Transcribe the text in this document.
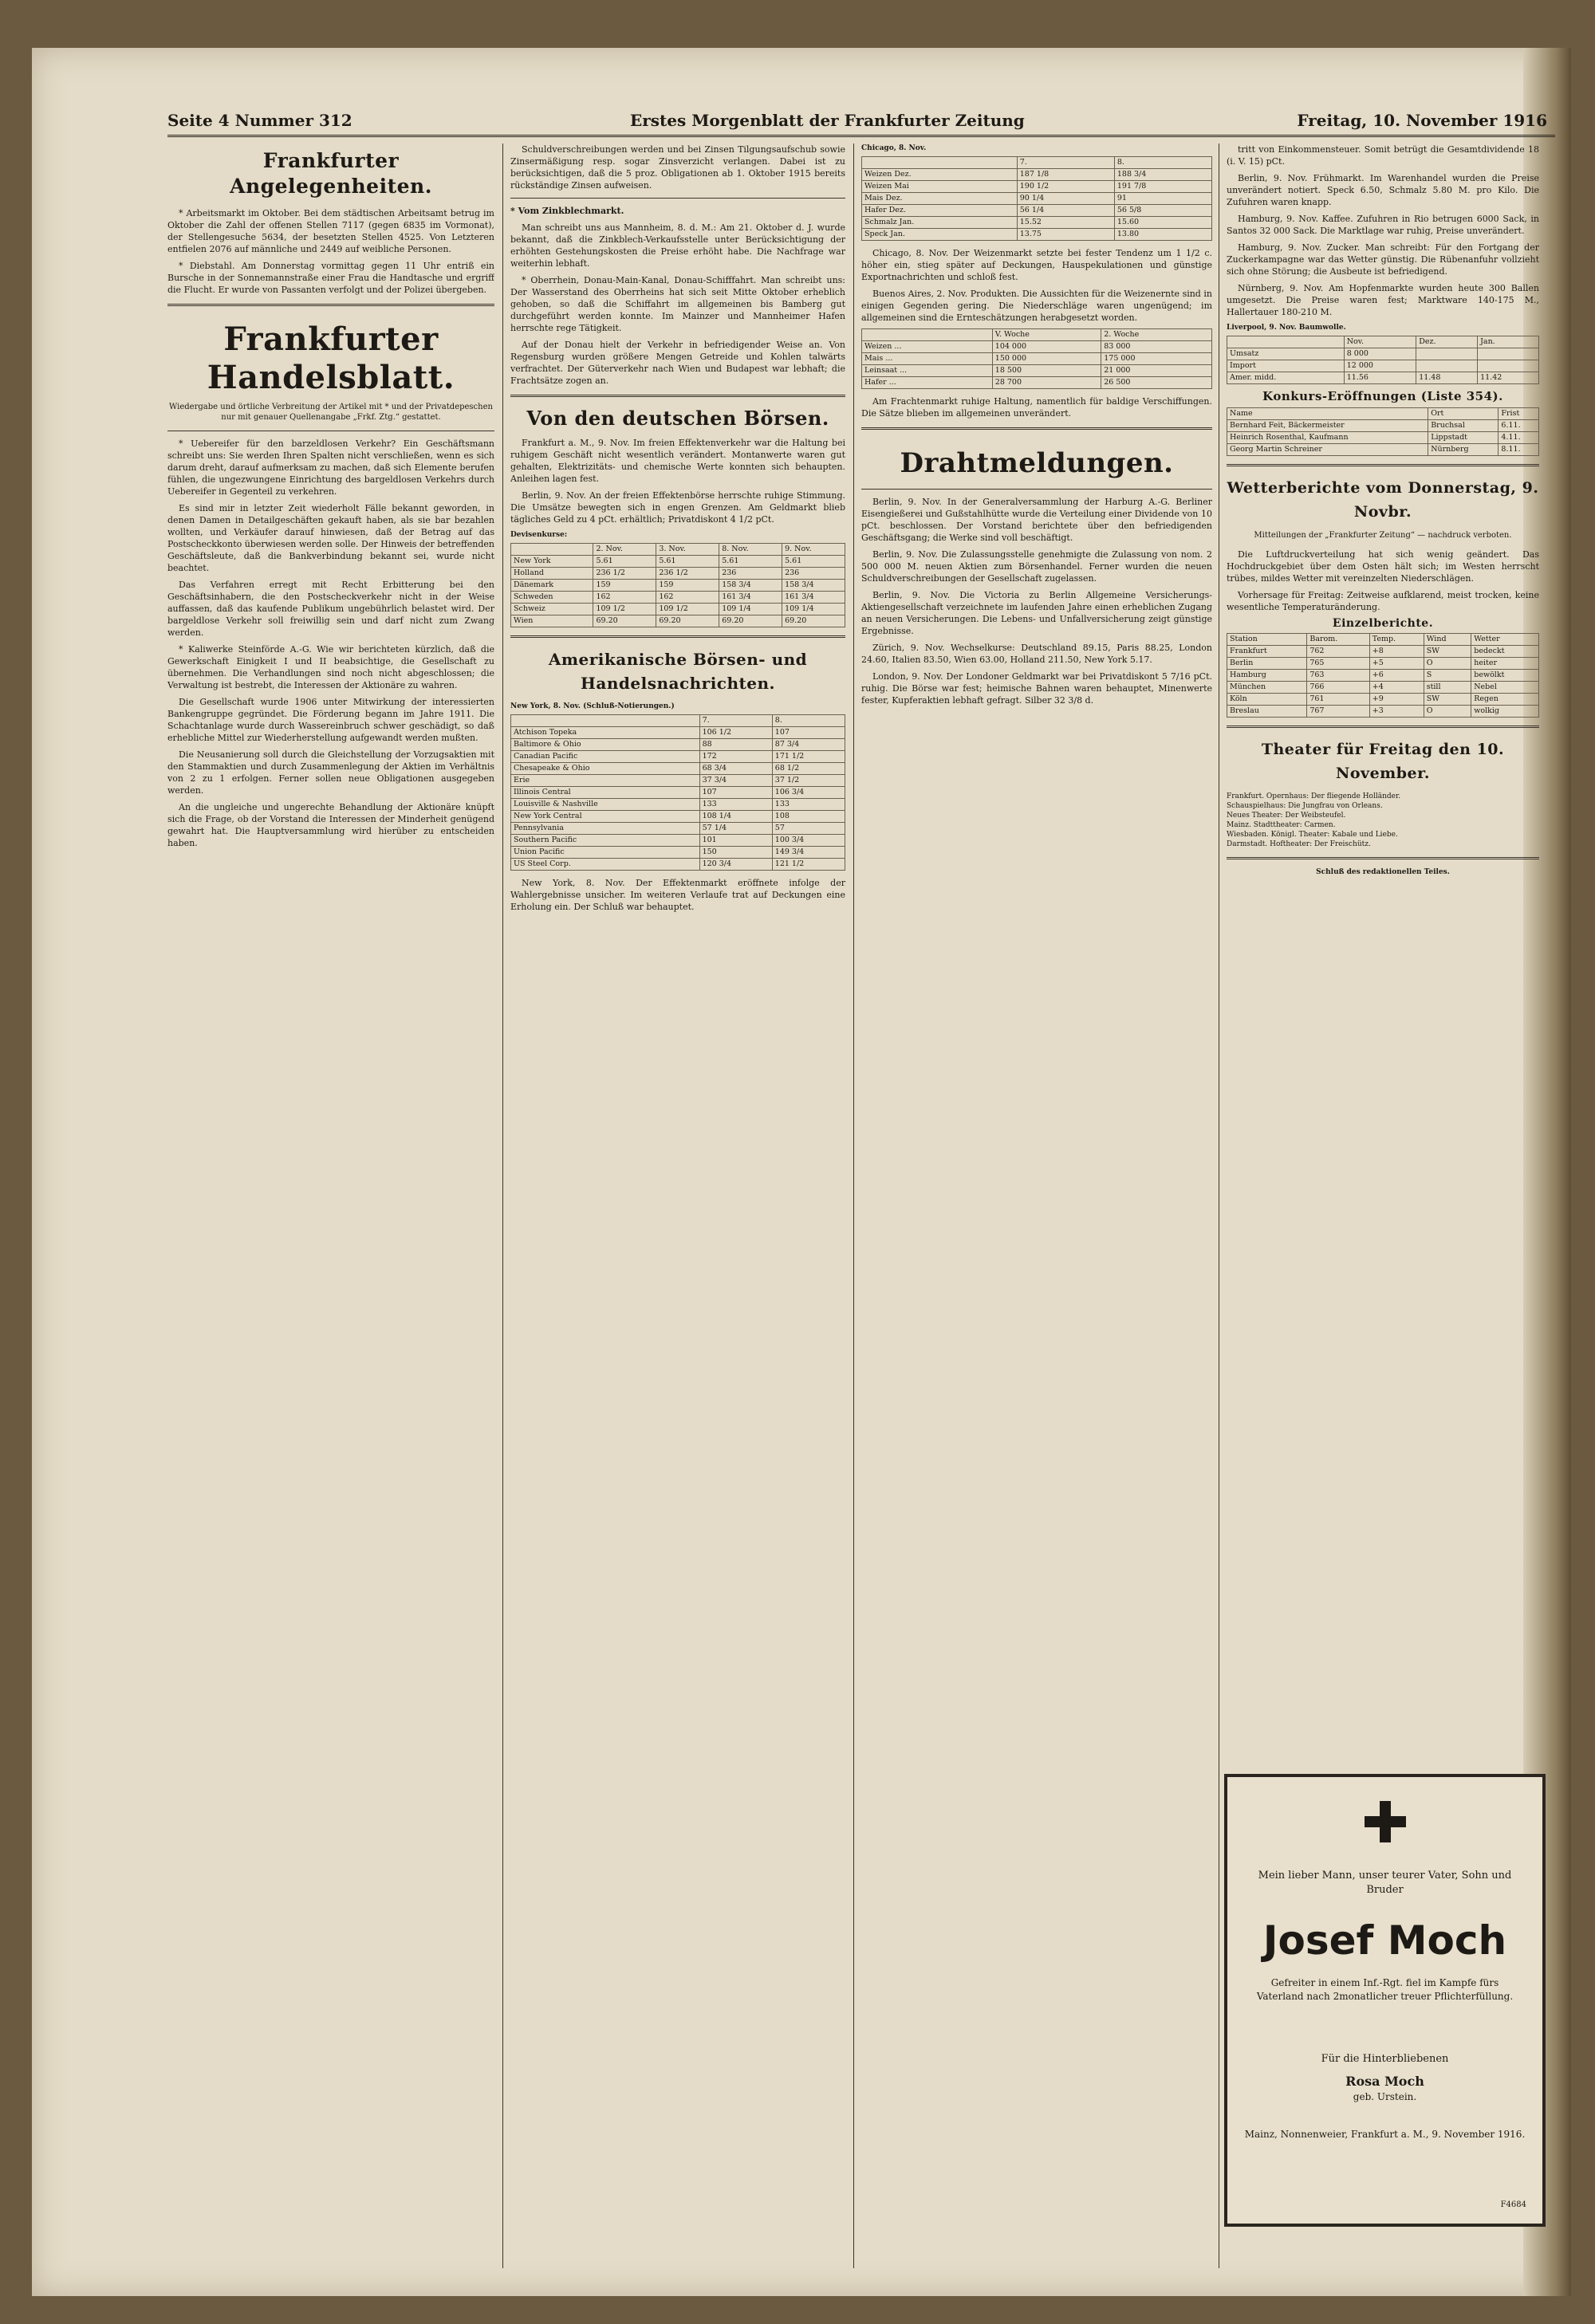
Seite 4 Nummer 312	Erstes Morgenblatt der Frankfurter Zeitung	Freitag, 10. November 1916
Frankfurter Angelegenheiten.

* Arbeitsmarkt im Oktober. Bei dem städtischen Arbeitsamt betrug im Oktober die Zahl der offenen Stellen 7117 (gegen 6835 im Vormonat), der Stellengesuche 5634, der besetzten Stellen 4525. Von Letzteren entfielen 2076 auf männliche und 2449 auf weibliche Personen.

* Diebstahl. Am Donnerstag vormittag gegen 11 Uhr entriß ein Bursche in der Sonnemannstraße einer Frau die Handtasche und ergriff die Flucht. Er wurde von Passanten verfolgt und der Polizei übergeben.

Frankfurter Handelsblatt.
Wiedergabe und örtliche Verbreitung der Artikel mit * und der Privatdepeschen nur mit genauer Quellenangabe „Frkf. Ztg.“ gestattet.

* Uebereifer für den barzeldlosen Verkehr? Ein Geschäftsmann schreibt uns: Sie werden Ihren Spalten nicht verschließen, wenn es sich darum dreht, darauf aufmerksam zu machen, daß sich Elemente berufen fühlen, die ungezwungene Einrichtung des bargeldlosen Verkehrs durch Uebereifer in Gegenteil zu verkehren.

Es sind mir in letzter Zeit wiederholt Fälle bekannt geworden, in denen Damen in Detailgeschäften gekauft haben, als sie bar bezahlen wollten, und Verkäufer darauf hinwiesen, daß der Betrag auf das Postscheckkonto überwiesen werden solle. Der Hinweis der betreffenden Geschäftsleute, daß die Bankverbindung bekannt sei, wurde nicht beachtet.

Das Verfahren erregt mit Recht Erbitterung bei den Geschäftsinhabern, die den Postscheckverkehr nicht in der Weise auffassen, daß das kaufende Publikum ungebührlich belastet wird. Der bargeldlose Verkehr soll freiwillig sein und darf nicht zum Zwang werden.

* Kaliwerke Steinförde A.-G. Wie wir berichteten kürzlich, daß die Gewerkschaft Einigkeit I und II beabsichtige, die Gesellschaft zu übernehmen. Die Verhandlungen sind noch nicht abgeschlossen; die Verwaltung ist bestrebt, die Interessen der Aktionäre zu wahren.

Die Gesellschaft wurde 1906 unter Mitwirkung der interessierten Bankengruppe gegründet. Die Förderung begann im Jahre 1911. Die Schachtanlage wurde durch Wassereinbruch schwer geschädigt, so daß erhebliche Mittel zur Wiederherstellung aufgewandt werden mußten.

Die Neusanierung soll durch die Gleichstellung der Vorzugsaktien mit den Stammaktien und durch Zusammenlegung der Aktien im Verhältnis von 2 zu 1 erfolgen. Ferner sollen neue Obligationen ausgegeben werden.

An die ungleiche und ungerechte Behandlung der Aktionäre knüpft sich die Frage, ob der Vorstand die Interessen der Minderheit genügend gewahrt hat. Die Hauptversammlung wird hierüber zu entscheiden haben.

Schuldverschreibungen werden und bei Zinsen Tilgungsaufschub sowie Zinsermäßigung resp. sogar Zinsverzicht verlangen. Dabei ist zu berücksichtigen, daß die 5 proz. Obligationen ab 1. Oktober 1915 bereits rückständige Zinsen aufweisen.

* Vom Zinkblechmarkt.

Man schreibt uns aus Mannheim, 8. d. M.: Am 21. Oktober d. J. wurde bekannt, daß die Zinkblech-Verkaufsstelle unter Berücksichtigung der erhöhten Gestehungskosten die Preise erhöht habe. Die Nachfrage war weiterhin lebhaft.

* Oberrhein, Donau-Main-Kanal, Donau-Schifffahrt. Man schreibt uns: Der Wasserstand des Oberrheins hat sich seit Mitte Oktober erheblich gehoben, so daß die Schiffahrt im allgemeinen bis Bamberg gut durchgeführt werden konnte. Im Mainzer und Mannheimer Hafen herrschte rege Tätigkeit.

Auf der Donau hielt der Verkehr in befriedigender Weise an. Von Regensburg wurden größere Mengen Getreide und Kohlen talwärts verfrachtet. Der Güterverkehr nach Wien und Budapest war lebhaft; die Frachtsätze zogen an.

Von den deutschen Börsen.

Frankfurt a. M., 9. Nov. Im freien Effektenverkehr war die Haltung bei ruhigem Geschäft nicht wesentlich verändert. Montanwerte waren gut gehalten, Elektrizitäts- und chemische Werte konnten sich behaupten. Anleihen lagen fest.

Berlin, 9. Nov. An der freien Effektenbörse herrschte ruhige Stimmung. Die Umsätze bewegten sich in engen Grenzen. Am Geldmarkt blieb tägliches Geld zu 4 pCt. erhältlich; Privatdiskont 4 1/2 pCt.

Devisenkurse:
	2. Nov.	3. Nov.	8. Nov.	9. Nov.
New York	5.61	5.61	5.61	5.61
Holland	236 1/2	236 1/2	236	236
Dänemark	159	159	158 3/4	158 3/4
Schweden	162	162	161 3/4	161 3/4
Schweiz	109 1/2	109 1/2	109 1/4	109 1/4
Wien	69.20	69.20	69.20	69.20
Amerikanische Börsen- und Handelsnachrichten.
New York, 8. Nov. (Schluß-Notierungen.)
	7.	8.
Atchison Topeka	106 1/2	107
Baltimore & Ohio	88	87 3/4
Canadian Pacific	172	171 1/2
Chesapeake & Ohio	68 3/4	68 1/2
Erie	37 3/4	37 1/2
Illinois Central	107	106 3/4
Louisville & Nashville	133	133
New York Central	108 1/4	108
Pennsylvania	57 1/4	57
Southern Pacific	101	100 3/4
Union Pacific	150	149 3/4
US Steel Corp.	120 3/4	121 1/2

New York, 8. Nov. Der Effektenmarkt eröffnete infolge der Wahlergebnisse unsicher. Im weiteren Verlaufe trat auf Deckungen eine Erholung ein. Der Schluß war behauptet.

Chicago, 8. Nov.
	7.	8.
Weizen Dez.	187 1/8	188 3/4
Weizen Mai	190 1/2	191 7/8
Mais Dez.	90 1/4	91
Hafer Dez.	56 1/4	56 5/8
Schmalz Jan.	15.52	15.60
Speck Jan.	13.75	13.80

Chicago, 8. Nov. Der Weizenmarkt setzte bei fester Tendenz um 1 1/2 c. höher ein, stieg später auf Deckungen, Hauspekulationen und günstige Exportnachrichten und schloß fest.

Buenos Aires, 2. Nov. Produkten. Die Aussichten für die Weizenernte sind in einigen Gegenden gering. Die Niederschläge waren ungenügend; im allgemeinen sind die Ernteschätzungen herabgesetzt worden.

	V. Woche	2. Woche
Weizen ...	104 000	83 000
Mais ...	150 000	175 000
Leinsaat ...	18 500	21 000
Hafer ...	28 700	26 500

Am Frachtenmarkt ruhige Haltung, namentlich für baldige Verschiffungen. Die Sätze blieben im allgemeinen unverändert.

Drahtmeldungen.

Berlin, 9. Nov. In der Generalversammlung der Harburg A.-G. Berliner Eisengießerei und Gußstahlhütte wurde die Verteilung einer Dividende von 10 pCt. beschlossen. Der Vorstand berichtete über den befriedigenden Geschäftsgang; die Werke sind voll beschäftigt.

Berlin, 9. Nov. Die Zulassungsstelle genehmigte die Zulassung von nom. 2 500 000 M. neuen Aktien zum Börsenhandel. Ferner wurden die neuen Schuldverschreibungen der Gesellschaft zugelassen.

Berlin, 9. Nov. Die Victoria zu Berlin Allgemeine Versicherungs-Aktiengesellschaft verzeichnete im laufenden Jahre einen erheblichen Zugang an neuen Versicherungen. Die Lebens- und Unfallversicherung zeigt günstige Ergebnisse.

Zürich, 9. Nov. Wechselkurse: Deutschland 89.15, Paris 88.25, London 24.60, Italien 83.50, Wien 63.00, Holland 211.50, New York 5.17.

London, 9. Nov. Der Londoner Geldmarkt war bei Privatdiskont 5 7/16 pCt. ruhig. Die Börse war fest; heimische Bahnen waren behauptet, Minenwerte fester, Kupferaktien lebhaft gefragt. Silber 32 3/8 d.

tritt von Einkommensteuer. Somit betrügt die Gesamtdividende 18 (i. V. 15) pCt.

Berlin, 9. Nov. Frühmarkt. Im Warenhandel wurden die Preise unverändert notiert. Speck 6.50, Schmalz 5.80 M. pro Kilo. Die Zufuhren waren knapp.

Hamburg, 9. Nov. Kaffee. Zufuhren in Rio betrugen 6000 Sack, in Santos 32 000 Sack. Die Marktlage war ruhig, Preise unverändert.

Hamburg, 9. Nov. Zucker. Man schreibt: Für den Fortgang der Zuckerkampagne war das Wetter günstig. Die Rübenanfuhr vollzieht sich ohne Störung; die Ausbeute ist befriedigend.

Nürnberg, 9. Nov. Am Hopfenmarkte wurden heute 300 Ballen umgesetzt. Die Preise waren fest; Marktware 140-175 M., Hallertauer 180-210 M.

Liverpool, 9. Nov. Baumwolle.
	Nov.	Dez.	Jan.
Umsatz	8 000		
Import	12 000		
Amer. midd.	11.56	11.48	11.42
Konkurs-Eröffnungen (Liste 354).
Name	Ort	Frist
Bernhard Feit, Bäckermeister	Bruchsal	6.11.
Heinrich Rosenthal, Kaufmann	Lippstadt	4.11.
Georg Martin Schreiner	Nürnberg	8.11.
Wetterberichte vom Donnerstag, 9. Novbr.
Mitteilungen der „Frankfurter Zeitung“ — nachdruck verboten.

Die Luftdruckverteilung hat sich wenig geändert. Das Hochdruckgebiet über dem Osten hält sich; im Westen herrscht trübes, mildes Wetter mit vereinzelten Niederschlägen.

Vorhersage für Freitag: Zeitweise aufklarend, meist trocken, keine wesentliche Temperaturänderung.

Einzelberichte.
Station	Barom.	Temp.	Wind	Wetter
Frankfurt	762	+8	SW	bedeckt
Berlin	765	+5	O	heiter
Hamburg	763	+6	S	bewölkt
München	766	+4	still	Nebel
Köln	761	+9	SW	Regen
Breslau	767	+3	O	wolkig
Theater für Freitag den 10. November.
Frankfurt. Opernhaus: Der fliegende Holländer.
Schauspielhaus: Die Jungfrau von Orleans.
Neues Theater: Der Weibsteufel.
Mainz. Stadttheater: Carmen.
Wiesbaden. Königl. Theater: Kabale und Liebe.
Darmstadt. Hoftheater: Der Freischütz.
Schluß des redaktionellen Teiles.
Mein lieber Mann, unser teurer Vater, Sohn und Bruder
Josef Moch
Gefreiter in einem Inf.-Rgt. fiel im Kampfe fürs Vaterland nach 2monatlicher treuer Pflichterfüllung.
Für die Hinterbliebenen
Rosa Moch
geb. Urstein.
Mainz, Nonnenweier, Frankfurt a. M., 9. November 1916.
F4684
